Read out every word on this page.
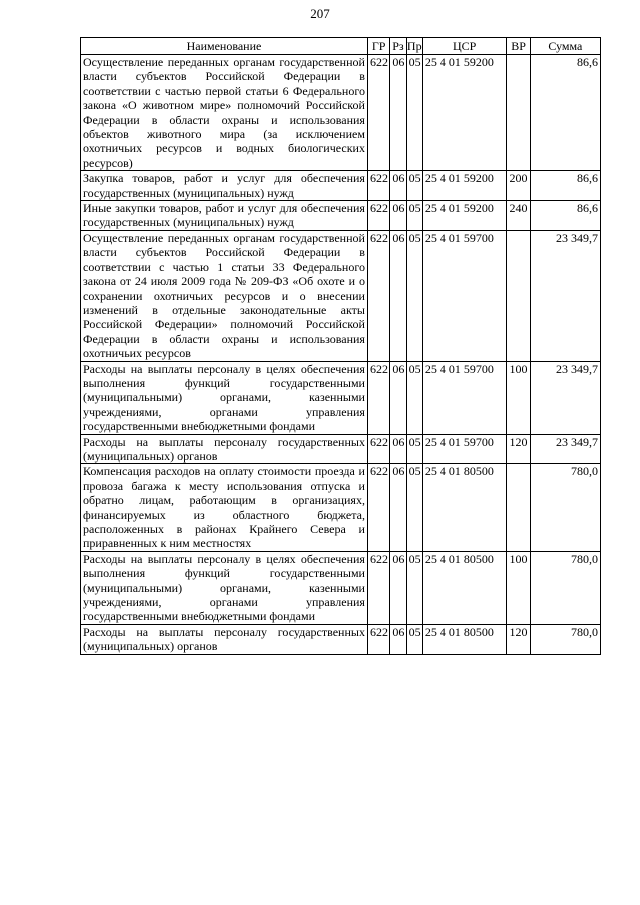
207
Наименование	ГР	Рз	Пр	ЦСР	ВР	Сумма
Осуществление переданных органам государственной власти субъектов Российской Федерации в соответствии с частью первой статьи 6 Федерального закона «О животном мире» полномочий Российской Федерации в области охраны и использования объектов животного мира (за исключением охотничьих ресурсов и водных биологических ресурсов)	622	06	05	25 4 01 59200		86,6
Закупка товаров, работ и услуг для обеспечения государственных (муниципальных) нужд	622	06	05	25 4 01 59200	200	86,6
Иные закупки товаров, работ и услуг для обеспечения государственных (муниципальных) нужд	622	06	05	25 4 01 59200	240	86,6
Осуществление переданных органам государственной власти субъектов Российской Федерации в соответствии с частью 1 статьи 33 Федерального закона от 24 июля 2009 года № 209-ФЗ «Об охоте и о сохранении охотничьих ресурсов и о внесении изменений в отдельные законодательные акты Российской Федерации» полномочий Российской Федерации в области охраны и использования охотничьих ресурсов	622	06	05	25 4 01 59700		23 349,7
Расходы на выплаты персоналу в целях обеспечения выполнения функций государственными (муниципальными) органами, казенными учреждениями, органами управления государственными внебюджетными фондами	622	06	05	25 4 01 59700	100	23 349,7
Расходы на выплаты персоналу государственных (муниципальных) органов	622	06	05	25 4 01 59700	120	23 349,7
Компенсация расходов на оплату стоимости проезда и провоза багажа к месту использования отпуска и обратно лицам, работающим в организациях, финансируемых из областного бюджета, расположенных в районах Крайнего Севера и приравненных к ним местностях	622	06	05	25 4 01 80500		780,0
Расходы на выплаты персоналу в целях обеспечения выполнения функций государственными (муниципальными) органами, казенными учреждениями, органами управления государственными внебюджетными фондами	622	06	05	25 4 01 80500	100	780,0
Расходы на выплаты персоналу государственных (муниципальных) органов	622	06	05	25 4 01 80500	120	780,0
